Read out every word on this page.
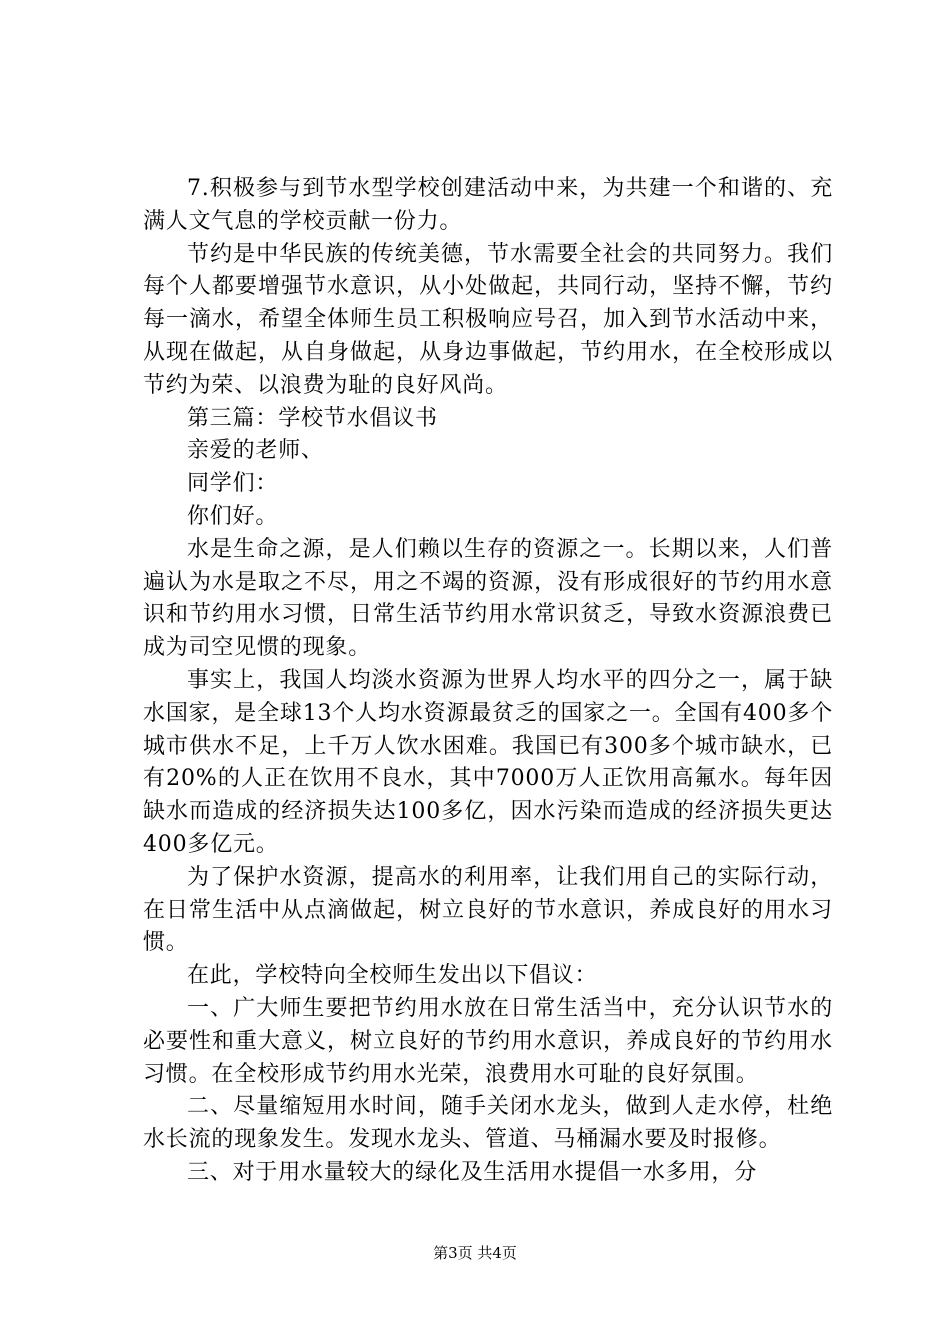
7.积极参与到节水型学校创建活动中来，为共建一个和谐的、充满人文气息的学校贡献一份力。

节约是中华民族的传统美德，节水需要全社会的共同努力。我们每个人都要增强节水意识，从小处做起，共同行动，坚持不懈，节约每一滴水，希望全体师生员工积极响应号召，加入到节水活动中来，从现在做起，从自身做起，从身边事做起，节约用水，在全校形成以节约为荣、以浪费为耻的良好风尚。

第三篇：学校节水倡议书

亲爱的老师、

同学们：

你们好。

水是生命之源，是人们赖以生存的资源之一。长期以来，人们普遍认为水是取之不尽，用之不竭的资源，没有形成很好的节约用水意识和节约用水习惯，日常生活节约用水常识贫乏，导致水资源浪费已成为司空见惯的现象。

事实上，我国人均淡水资源为世界人均水平的四分之一，属于缺水国家，是全球13个人均水资源最贫乏的国家之一。全国有400多个城市供水不足，上千万人饮水困难。我国已有300多个城市缺水，已有20%的人正在饮用不良水，其中7000万人正饮用高氟水。每年因缺水而造成的经济损失达100多亿，因水污染而造成的经济损失更达400多亿元。

为了保护水资源，提高水的利用率，让我们用自己的实际行动，在日常生活中从点滴做起，树立良好的节水意识，养成良好的用水习惯。

在此，学校特向全校师生发出以下倡议：

一、广大师生要把节约用水放在日常生活当中，充分认识节水的必要性和重大意义，树立良好的节约用水意识，养成良好的节约用水习惯。在全校形成节约用水光荣，浪费用水可耻的良好氛围。

二、尽量缩短用水时间，随手关闭水龙头，做到人走水停，杜绝水长流的现象发生。发现水龙头、管道、马桶漏水要及时报修。

三、对于用水量较大的绿化及生活用水提倡一水多用，分

第3页 共4页
